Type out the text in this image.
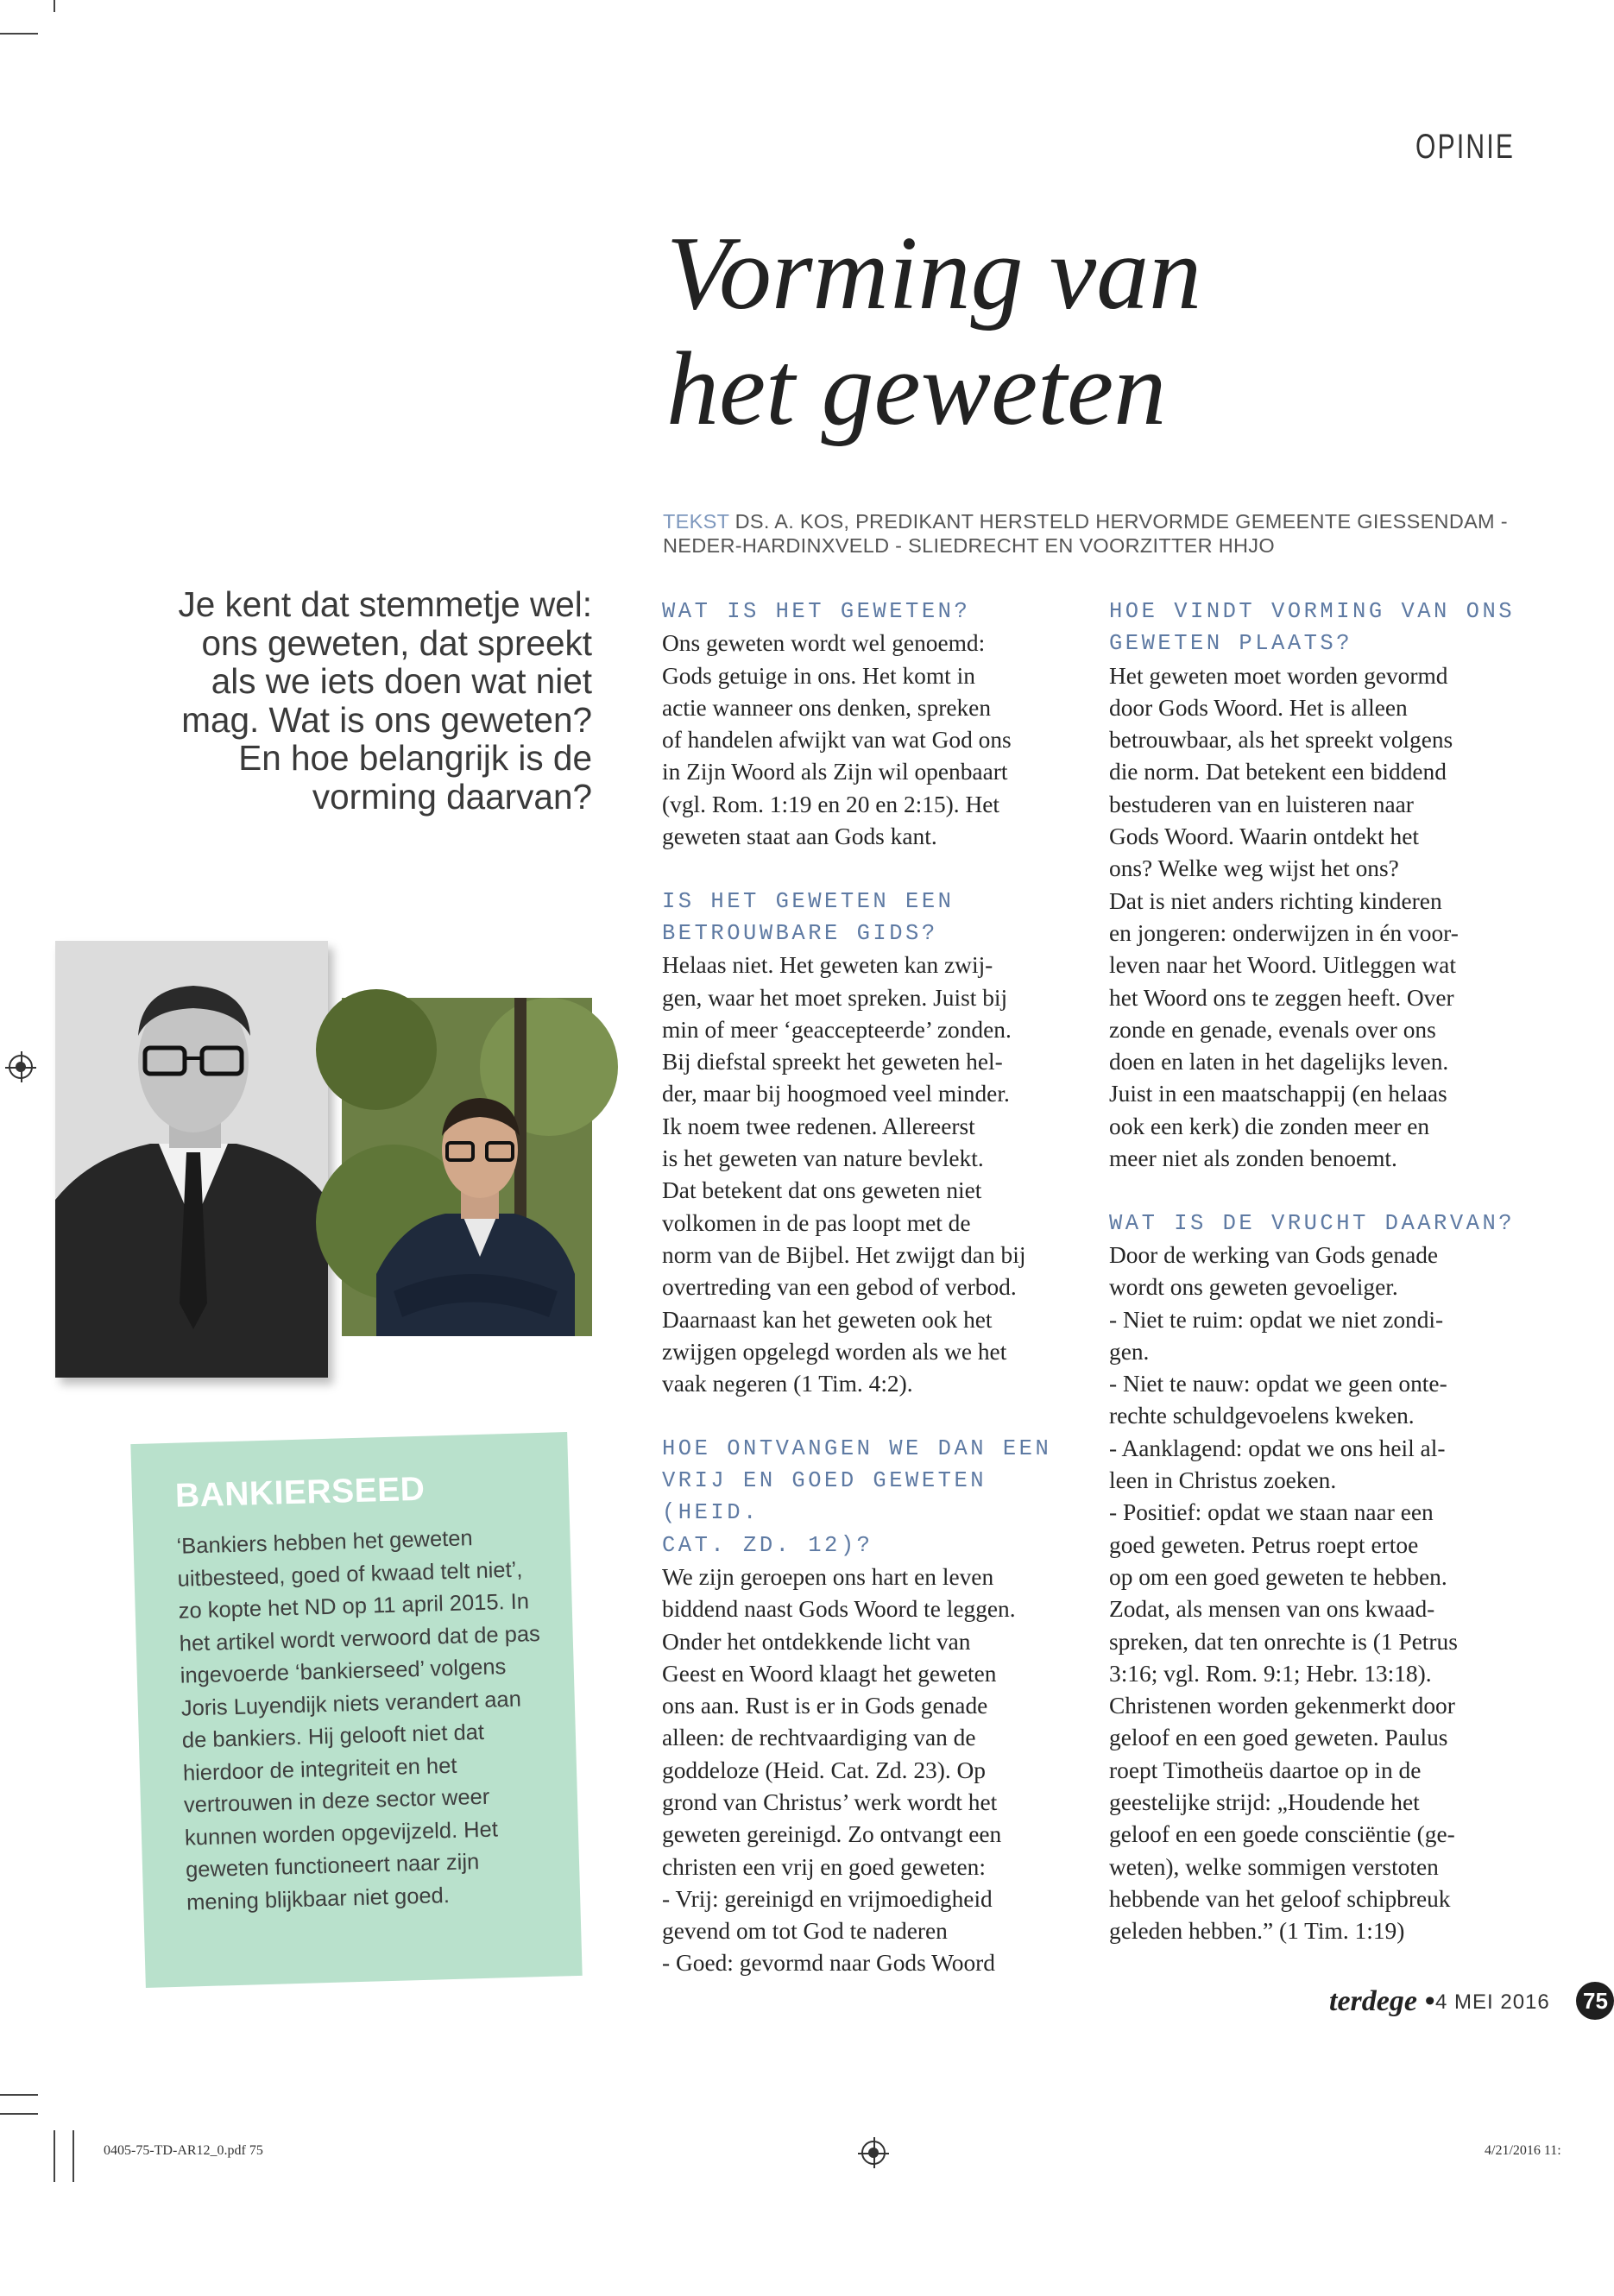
OPINIE
Vorming van
het geweten
TEKST DS. A. KOS, PREDIKANT HERSTELD HERVORMDE GEMEENTE GIESSENDAM -
NEDER-HARDINXVELD - SLIEDRECHT EN VOORZITTER HHJO
Je kent dat stemmetje wel: ons geweten, dat spreekt als we iets doen wat niet mag. Wat is ons geweten? En hoe belangrijk is de vorming daarvan?
BANKIERSEED
‘Bankiers hebben het geweten uitbesteed, goed of kwaad telt niet’, zo kopte het ND op 11 april 2015. In het artikel wordt verwoord dat de pas ingevoerde ‘bankierseed’ volgens Joris Luyendijk niets verandert aan de bankiers. Hij gelooft niet dat hierdoor de integriteit en het vertrouwen in deze sector weer kunnen worden opgevijzeld. Het geweten functioneert naar zijn mening blijkbaar niet goed.
WAT IS HET GEWETEN?

Ons geweten wordt wel genoemd:
Gods getuige in ons. Het komt in
actie wanneer ons denken, spreken
of handelen afwijkt van wat God ons
in Zijn Woord als Zijn wil openbaart
(vgl. Rom. 1:19 en 20 en 2:15). Het
geweten staat aan Gods kant.

IS HET GEWETEN EEN
BETROUWBARE GIDS?

Helaas niet. Het geweten kan zwij-
gen, waar het moet spreken. Juist bij
min of meer ‘geaccepteerde’ zonden.
Bij diefstal spreekt het geweten hel-
der, maar bij hoogmoed veel minder.
Ik noem twee redenen. Allereerst
is het geweten van nature bevlekt.
Dat betekent dat ons geweten niet
volkomen in de pas loopt met de
norm van de Bijbel. Het zwijgt dan bij
overtreding van een gebod of verbod.
Daarnaast kan het geweten ook het
zwijgen opgelegd worden als we het
vaak negeren (1 Tim. 4:2).

HOE ONTVANGEN WE DAN EEN
VRIJ EN GOED GEWETEN (HEID.
CAT. ZD. 12)?

We zijn geroepen ons hart en leven
biddend naast Gods Woord te leggen.
Onder het ontdekkende licht van
Geest en Woord klaagt het geweten
ons aan. Rust is er in Gods genade
alleen: de rechtvaardiging van de
goddeloze (Heid. Cat. Zd. 23). Op
grond van Christus’ werk wordt het
geweten gereinigd. Zo ontvangt een
christen een vrij en goed geweten:
- Vrij: gereinigd en vrijmoedigheid
gevend om tot God te naderen
- Goed: gevormd naar Gods Woord

HOE VINDT VORMING VAN ONS
GEWETEN PLAATS?

Het geweten moet worden gevormd
door Gods Woord. Het is alleen
betrouwbaar, als het spreekt volgens
die norm. Dat betekent een biddend
bestuderen van en luisteren naar
Gods Woord. Waarin ontdekt het
ons? Welke weg wijst het ons?
Dat is niet anders richting kinderen
en jongeren: onderwijzen in én voor-
leven naar het Woord. Uitleggen wat
het Woord ons te zeggen heeft. Over
zonde en genade, evenals over ons
doen en laten in het dagelijks leven.
Juist in een maatschappij (en helaas
ook een kerk) die zonden meer en
meer niet als zonden benoemt.

WAT IS DE VRUCHT DAARVAN?

Door de werking van Gods genade
wordt ons geweten gevoeliger.
- Niet te ruim: opdat we niet zondi-
gen.
- Niet te nauw: opdat we geen onte-
rechte schuldgevoelens kweken.
- Aanklagend: opdat we ons heil al-
leen in Christus zoeken.
- Positief: opdat we staan naar een
goed geweten. Petrus roept ertoe
op om een goed geweten te hebben.
Zodat, als mensen van ons kwaad-
spreken, dat ten onrechte is (1 Petrus
3:16; vgl. Rom. 9:1; Hebr. 13:18).
Christenen worden gekenmerkt door
geloof en een goed geweten. Paulus
roept Timotheüs daartoe op in de
geestelijke strijd: „Houdende het
geloof en een goede consciëntie (ge-
weten), welke sommigen verstoten
hebbende van het geloof schipbreuk
geleden hebben.” (1 Tim. 1:19)

terdege • 4 MEI 2016	75
0405-75-TD-AR12_0.pdf 75	4/21/2016 11:
